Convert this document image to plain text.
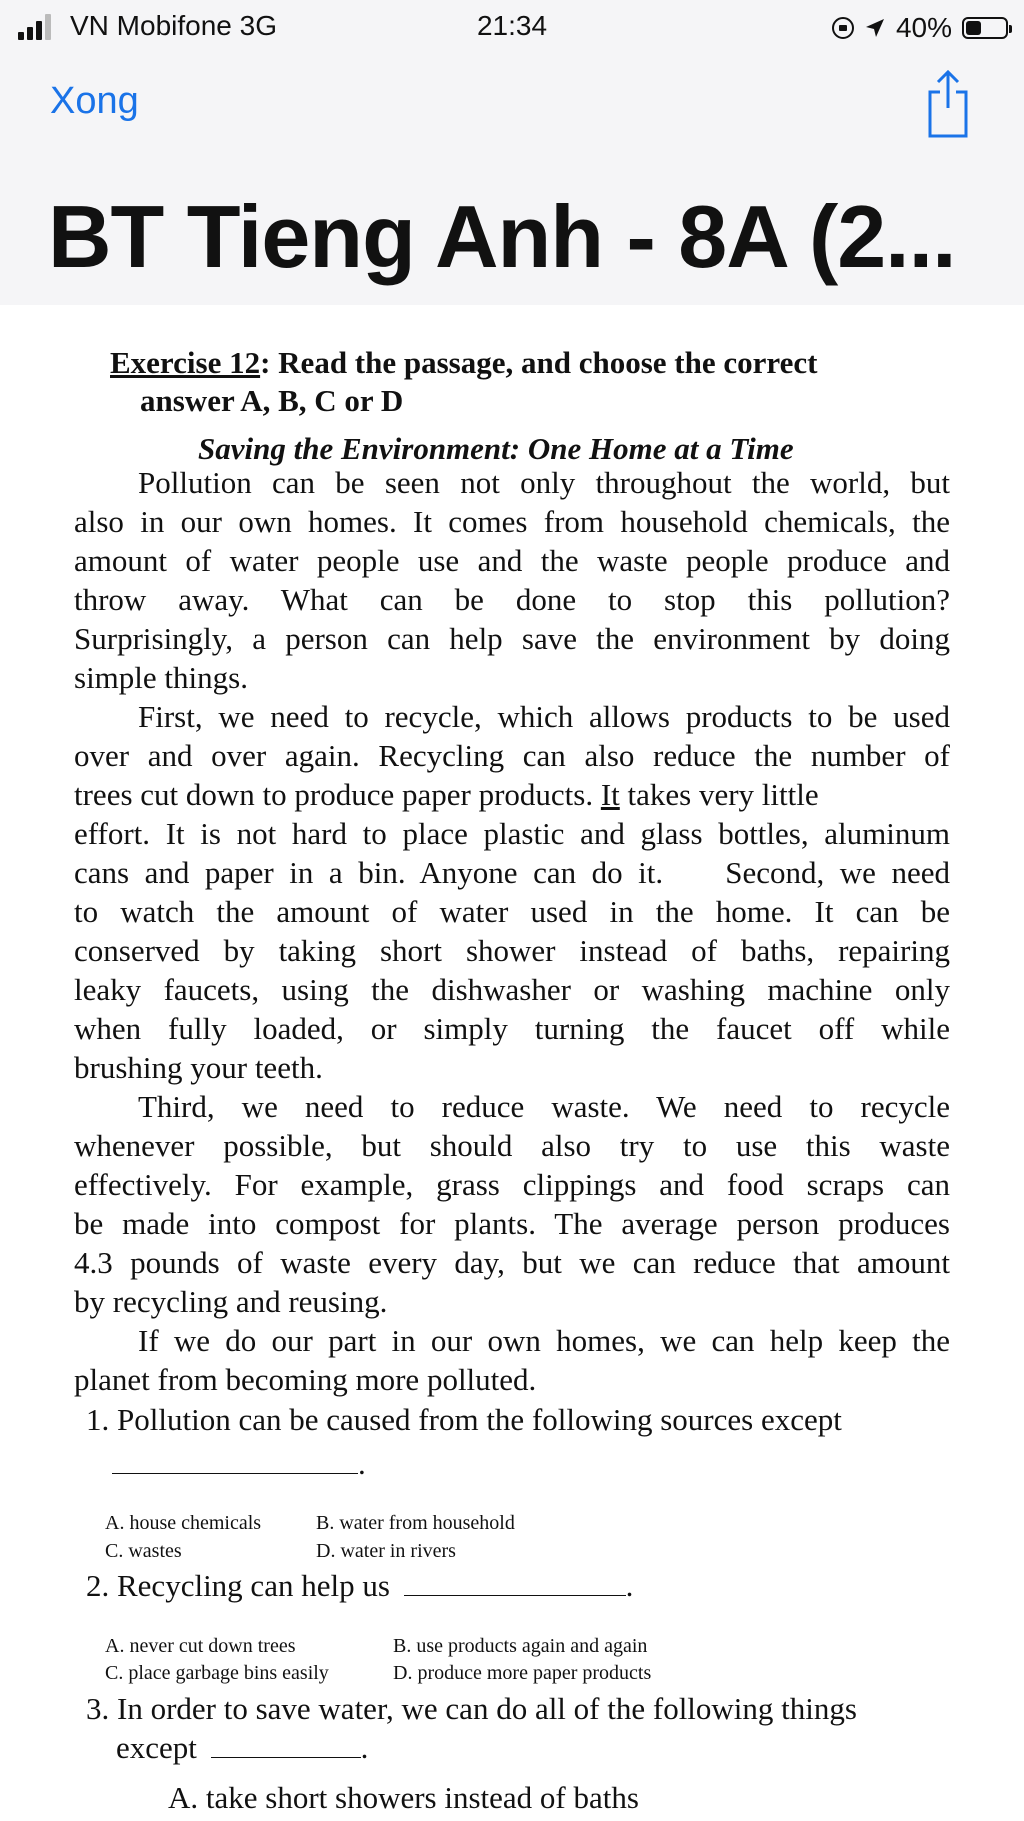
VN Mobifone 3G	21:34	40%
Xong
BT Tieng Anh - 8A (2...
Exercise 12: Read the passage, and choose the correct
answer A, B, C or D
Saving the Environment: One Home at a Time
Pollution can be seen not only throughout the world, but
also in our own homes. It comes from household chemicals, the
amount of water people use and the waste people produce and
throw away. What can be done to stop this pollution?
Surprisingly, a person can help save the environment by doing
simple things.
First, we need to recycle, which allows products to be used
over and over again. Recycling can also reduce the number of
trees cut down to produce paper products. It takes very little
effort. It is not hard to place plastic and glass bottles, aluminum
cans and paper in a bin. Anyone can do it.    Second, we need
to watch the amount of water used in the home. It can be
conserved by taking short shower instead of baths, repairing
leaky faucets, using the dishwasher or washing machine only
when fully loaded, or simply turning the faucet off while
brushing your teeth.
Third, we need to reduce waste. We need to recycle
whenever possible, but should also try to use this waste
effectively. For example, grass clippings and food scraps can
be made into compost for plants. The average person produces
4.3 pounds of waste every day, but we can reduce that amount
by recycling and reusing.
If we do our part in our own homes, we can help keep the
planet from becoming more polluted.
1. Pollution can be caused from the following sources except
.
A. house chemicals	B. water from household
C. wastes	D. water in rivers
2. Recycling can help us	.
A. never cut down trees	B. use products again and again
C. place garbage bins easily	D. produce more paper products
3. In order to save water, we can do all of the following things
except	.
A. take short showers instead of baths
